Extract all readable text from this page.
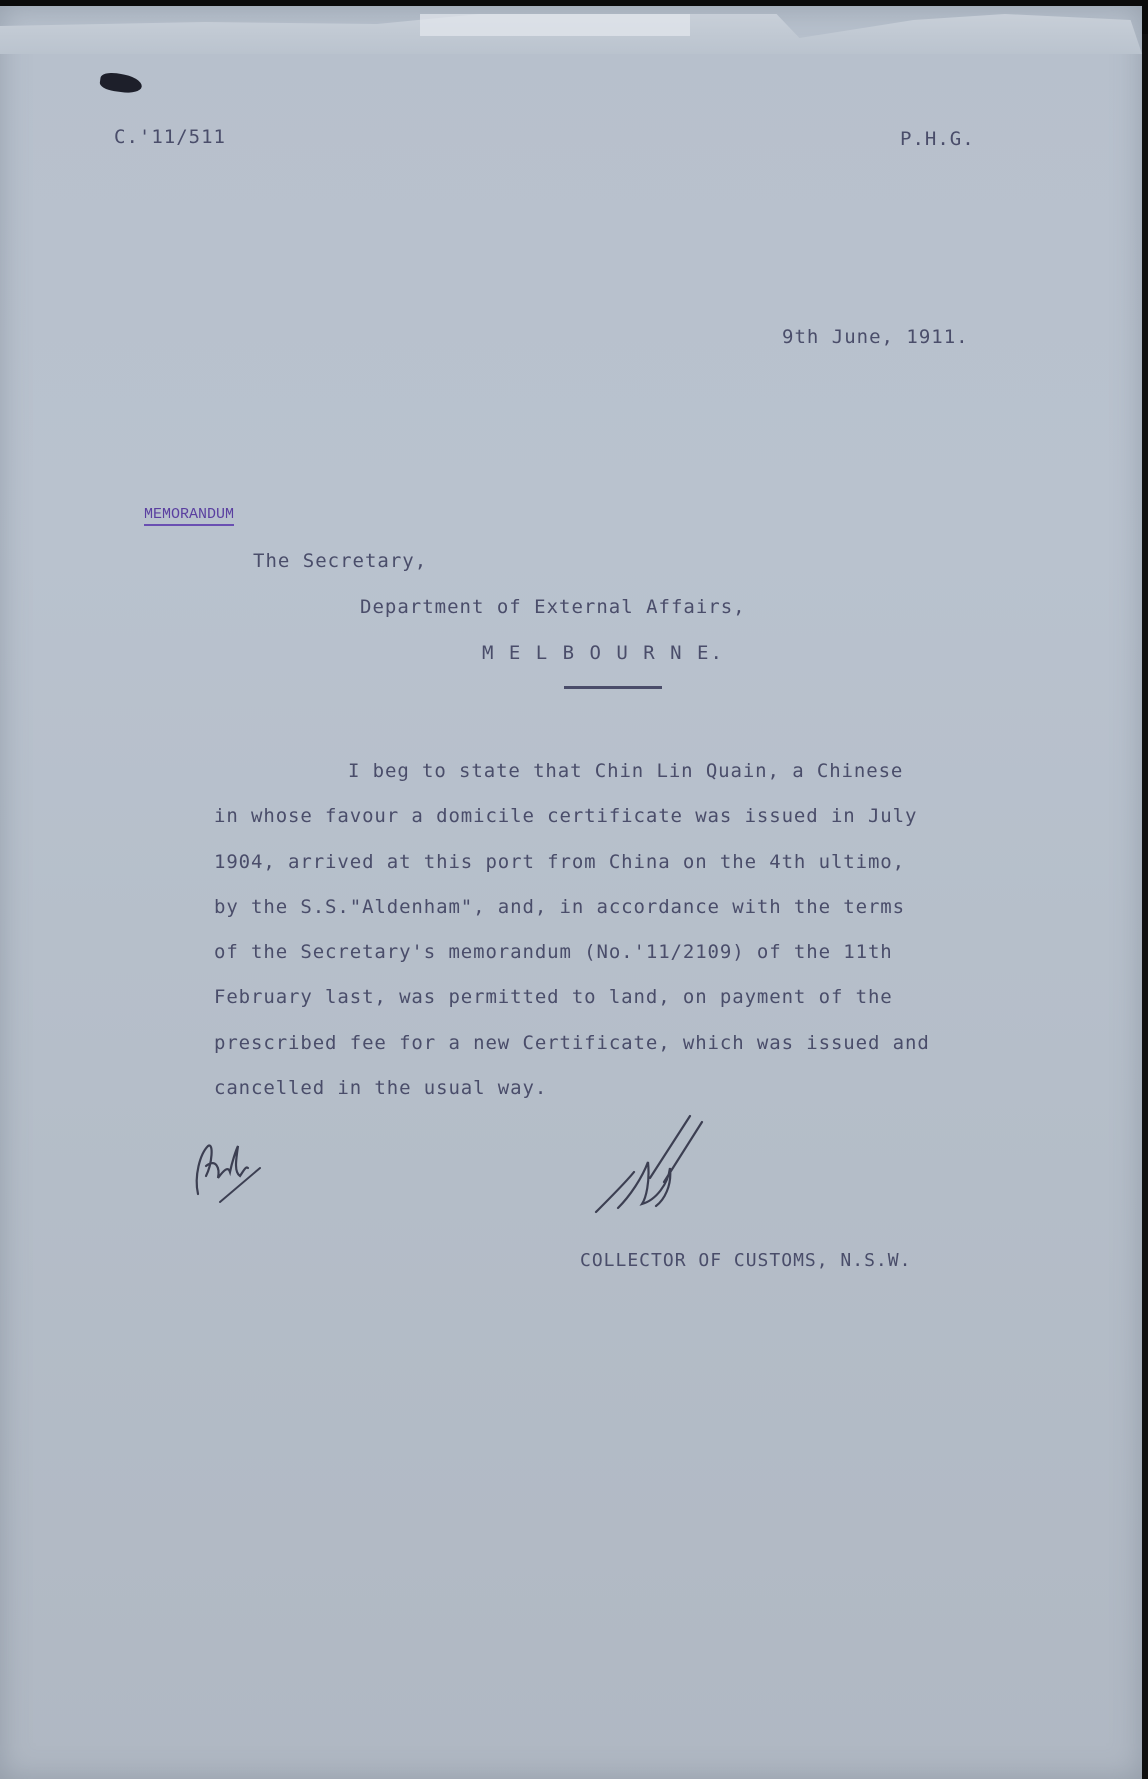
C.'11/511	P.H.G.
9th June, 1911.
MEMORANDUM
The Secretary,
Department of External Affairs,
M E L B O U R N E.
I beg to state that Chin Lin Quain, a Chinese
in whose favour a domicile certificate was issued in July
1904, arrived at this port from China on the 4th ultimo,
by the S.S."Aldenham", and, in accordance with the terms
of the Secretary's memorandum (No.'11/2109) of the 11th
February last, was permitted to land, on payment of the
prescribed fee for a new Certificate, which was issued and
cancelled in the usual way.
COLLECTOR OF CUSTOMS, N.S.W.
